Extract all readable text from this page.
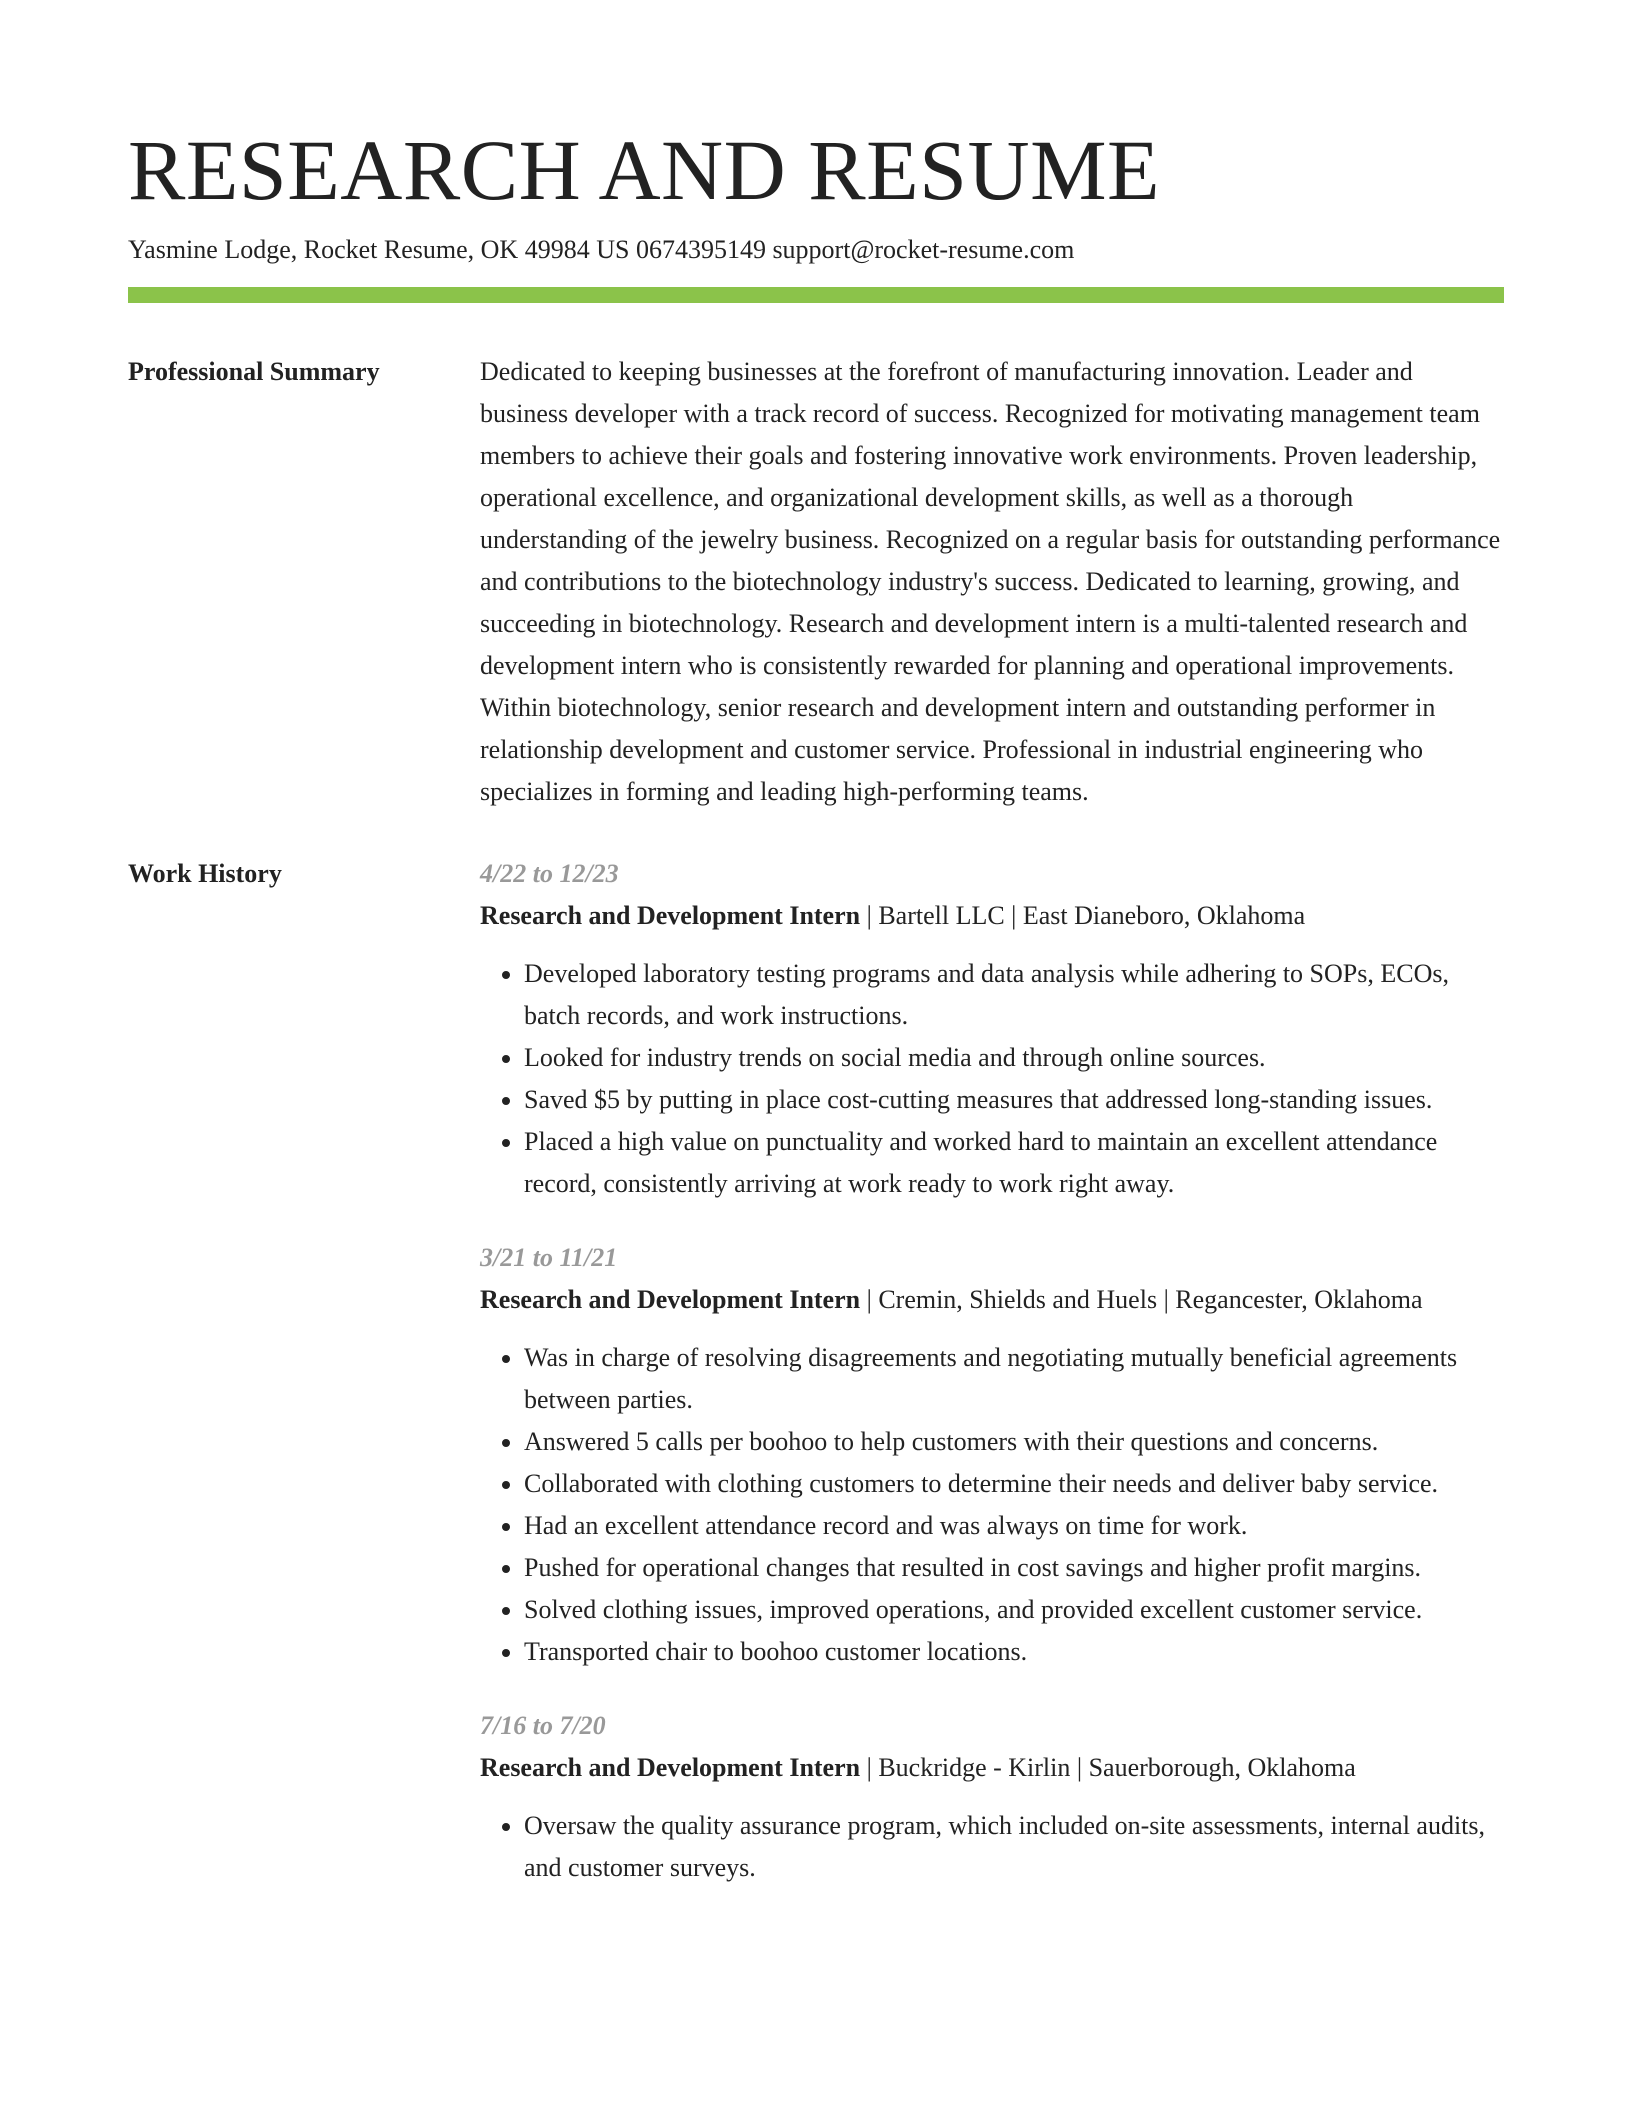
RESEARCH AND RESUME
Yasmine Lodge, Rocket Resume, OK 49984 US 0674395149 support@rocket-resume.com
Professional Summary	Dedicated to keeping businesses at the forefront of manufacturing innovation. Leader and business developer with a track record of success. Recognized for motivating management team members to achieve their goals and fostering innovative work environments. Proven leadership, operational excellence, and organizational development skills, as well as a thorough understanding of the jewelry business. Recognized on a regular basis for outstanding performance and contributions to the biotechnology industry's success. Dedicated to learning, growing, and succeeding in biotechnology. Research and development intern is a multi-talented research and development intern who is consistently rewarded for planning and operational improvements. Within biotechnology, senior research and development intern and outstanding performer in relationship development and customer service. Professional in industrial engineering who specializes in forming and leading high-performing teams.

Work History	4/22 to 12/23
Research and Development Intern | Bartell LLC | East Dianeboro, Oklahoma
• Developed laboratory testing programs and data analysis while adhering to SOPs, ECOs, batch records, and work instructions.
• Looked for industry trends on social media and through online sources.
• Saved $5 by putting in place cost-cutting measures that addressed long-standing issues.
• Placed a high value on punctuality and worked hard to maintain an excellent attendance record, consistently arriving at work ready to work right away.
3/21 to 11/21
Research and Development Intern | Cremin, Shields and Huels | Regancester, Oklahoma
• Was in charge of resolving disagreements and negotiating mutually beneficial agreements between parties.
• Answered 5 calls per boohoo to help customers with their questions and concerns.
• Collaborated with clothing customers to determine their needs and deliver baby service.
• Had an excellent attendance record and was always on time for work.
• Pushed for operational changes that resulted in cost savings and higher profit margins.
• Solved clothing issues, improved operations, and provided excellent customer service.
• Transported chair to boohoo customer locations.
7/16 to 7/20
Research and Development Intern | Buckridge - Kirlin | Sauerborough, Oklahoma
• Oversaw the quality assurance program, which included on-site assessments, internal audits, and customer surveys.
